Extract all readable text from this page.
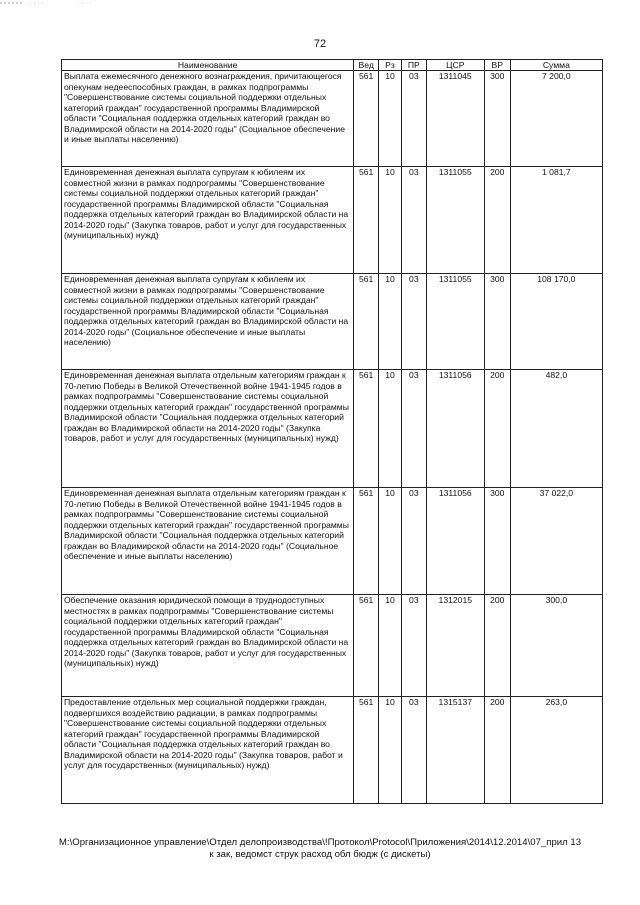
72
Наименование	Вед	Рз	ПР	ЦСР	ВР	Сумма
Выплата ежемесячного денежного вознаграждения, причитающегося опекунам недееспособных граждан, в рамках подпрограммы "Совершенствование системы социальной поддержки отдельных категорий граждан" государственной программы Владимирской области "Социальная поддержка отдельных категорий граждан во Владимирской области на 2014-2020 годы" (Социальное обеспечение и иные выплаты населению)	561	10	03	1311045	300	7 200,0
Единовременная денежная выплата супругам к юбилеям их совместной жизни в рамках подпрограммы "Совершенствование системы социальной поддержки отдельных категорий граждан" государственной программы Владимирской области "Социальная поддержка отдельных категорий граждан во Владимирской области на 2014-2020 годы" (Закупка товаров, работ и услуг для государственных (муниципальных) нужд)	561	10	03	1311055	200	1 081,7
Единовременная денежная выплата супругам к юбилеям их совместной жизни в рамках подпрограммы "Совершенствование системы социальной поддержки отдельных категорий граждан" государственной программы Владимирской области "Социальная поддержка отдельных категорий граждан во Владимирской области на 2014-2020 годы" (Социальное обеспечение и иные выплаты населению)	561	10	03	1311055	300	108 170,0
Единовременная денежная выплата отдельным категориям граждан к 70-летию Победы в Великой Отечественной войне 1941-1945 годов в рамках подпрограммы "Совершенствование системы социальной поддержки отдельных категорий граждан" государственной программы Владимирской области "Социальная поддержка отдельных категорий граждан во Владимирской области на 2014-2020 годы" (Закупка товаров, работ и услуг для государственных (муниципальных) нужд)	561	10	03	1311056	200	482,0
Единовременная денежная выплата отдельным категориям граждан к 70-летию Победы в Великой Отечественной войне 1941-1945 годов в рамках подпрограммы "Совершенствование системы социальной поддержки отдельных категорий граждан" государственной программы Владимирской области "Социальная поддержка отдельных категорий граждан во Владимирской области на 2014-2020 годы" (Социальное обеспечение и иные выплаты населению)	561	10	03	1311056	300	37 022,0
Обеспечение оказания юридической помощи в труднодоступных местностях в рамках подпрограммы "Совершенствование системы социальной поддержки отдельных категорий граждан" государственной программы Владимирской области "Социальная поддержка отдельных категорий граждан во Владимирской области на 2014-2020 годы" (Закупка товаров, работ и услуг для государственных (муниципальных) нужд)	561	10	03	1312015	200	300,0
Предоставление отдельных мер социальной поддержки граждан, подвергшихся воздействию радиации, в рамках подпрограммы "Совершенствование системы социальной поддержки отдельных категорий граждан" государственной программы Владимирской области "Социальная поддержка отдельных категорий граждан во Владимирской области на 2014-2020 годы" (Закупка товаров, работ и услуг для государственных (муниципальных) нужд)	561	10	03	1315137	200	263,0
М:\Организационное управление\Отдел делопроизводства\!Протокол\Protocol\Приложения\2014\12.2014\07_прил 13
к зак, ведомст струк расход обл бюдж (с дискеты)
